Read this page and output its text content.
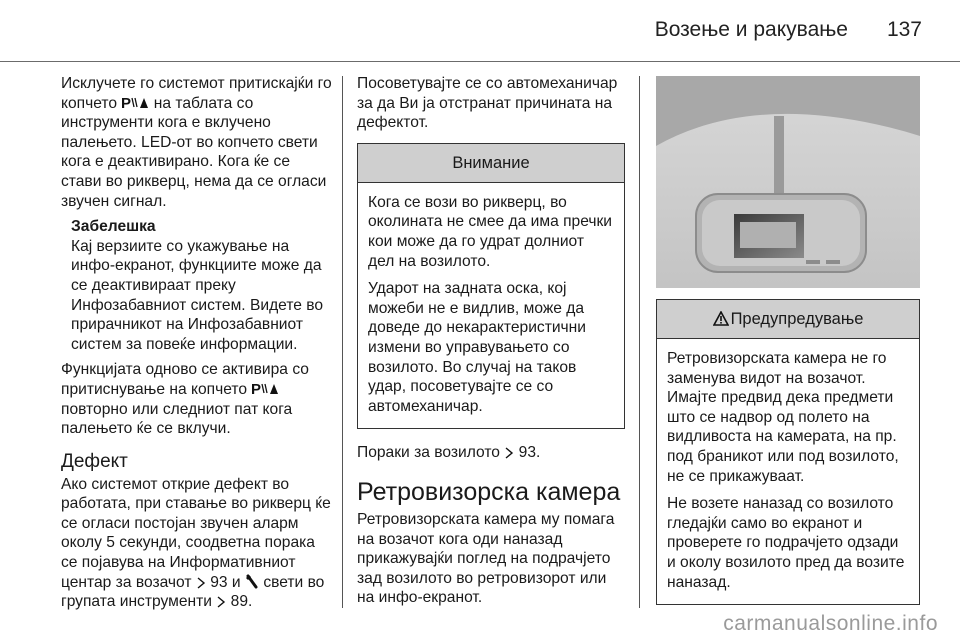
Возење и ракување 137

Исклучете го системот притискајќи го копчето P на таблата со инструменти кога е вклучено палењето. LED-от во копчето свети кога е деактивирано. Кога ќе се стави во рикверц, нема да се огласи звучен сигнал.

Забелешка
Кај верзиите со укажување на инфо-екранот, функциите може да се деактивираат преку Инфозабавниот систем. Видете во прирачникот на Инфозабавниот систем за повеќе информации.

Функцијата одново се активира со притиснување на копчето P
повторно или следниот пат кога палењето ќе се вклучи.

Дефект

Ако системот открие дефект во работата, при ставање во рикверц ќе се огласи постојан звучен аларм околу 5 секунди, соодветна порака се појавува на Информативниот центар за возачот 93 и свети во групата инструменти 89.

Посоветувајте се со автомеханичар за да Ви ја отстранат причината на дефектот.

Внимание

Кога се вози во рикверц, во околината не смее да има пречки кои може да го удрат долниот дел на возилото.

Ударот на задната оска, кој можеби не е видлив, може да доведе до некарактеристични измени во управувањето со возилото. Во случај на таков удар, посоветувајте се со автомеханичар.

Пораки за возилото 93.

Ретровизорска камера

Ретровизорската камера му помага на возачот кога оди наназад прикажувајќи поглед на подрачјето зад возилото во ретровизорот или на инфо-екранот.

Предупредување

Ретровизорската камера не го заменува видот на возачот. Имајте предвид дека предмети што се надвор од полето на видливоста на камерата, на пр. под браникот или под возилото, не се прикажуваат.

Не возете наназад со возилото гледајќи само во екранот и проверете го подрачјето одзади и околу возилото пред да возите наназад.

carmanualsonline.info
